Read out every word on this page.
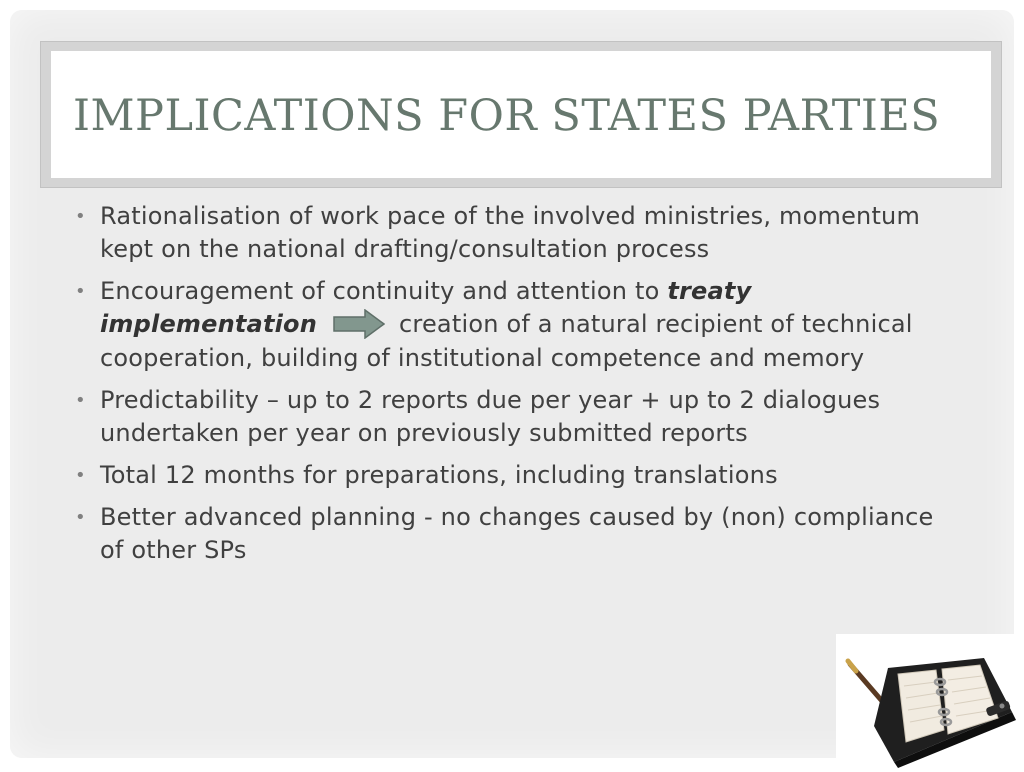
IMPLICATIONS FOR STATES PARTIES
• Rationalisation of work pace of the involved ministries, momentum kept on the national drafting/consultation process
• Encouragement of continuity and attention to treaty implementation	creation of a natural recipient of technical cooperation, building of institutional competence and memory
• Predictability – up to 2 reports due per year + up to 2 dialogues undertaken per year on previously submitted reports
• Total 12 months for preparations, including translations
• Better advanced planning - no changes caused by (non) compliance of other SPs
